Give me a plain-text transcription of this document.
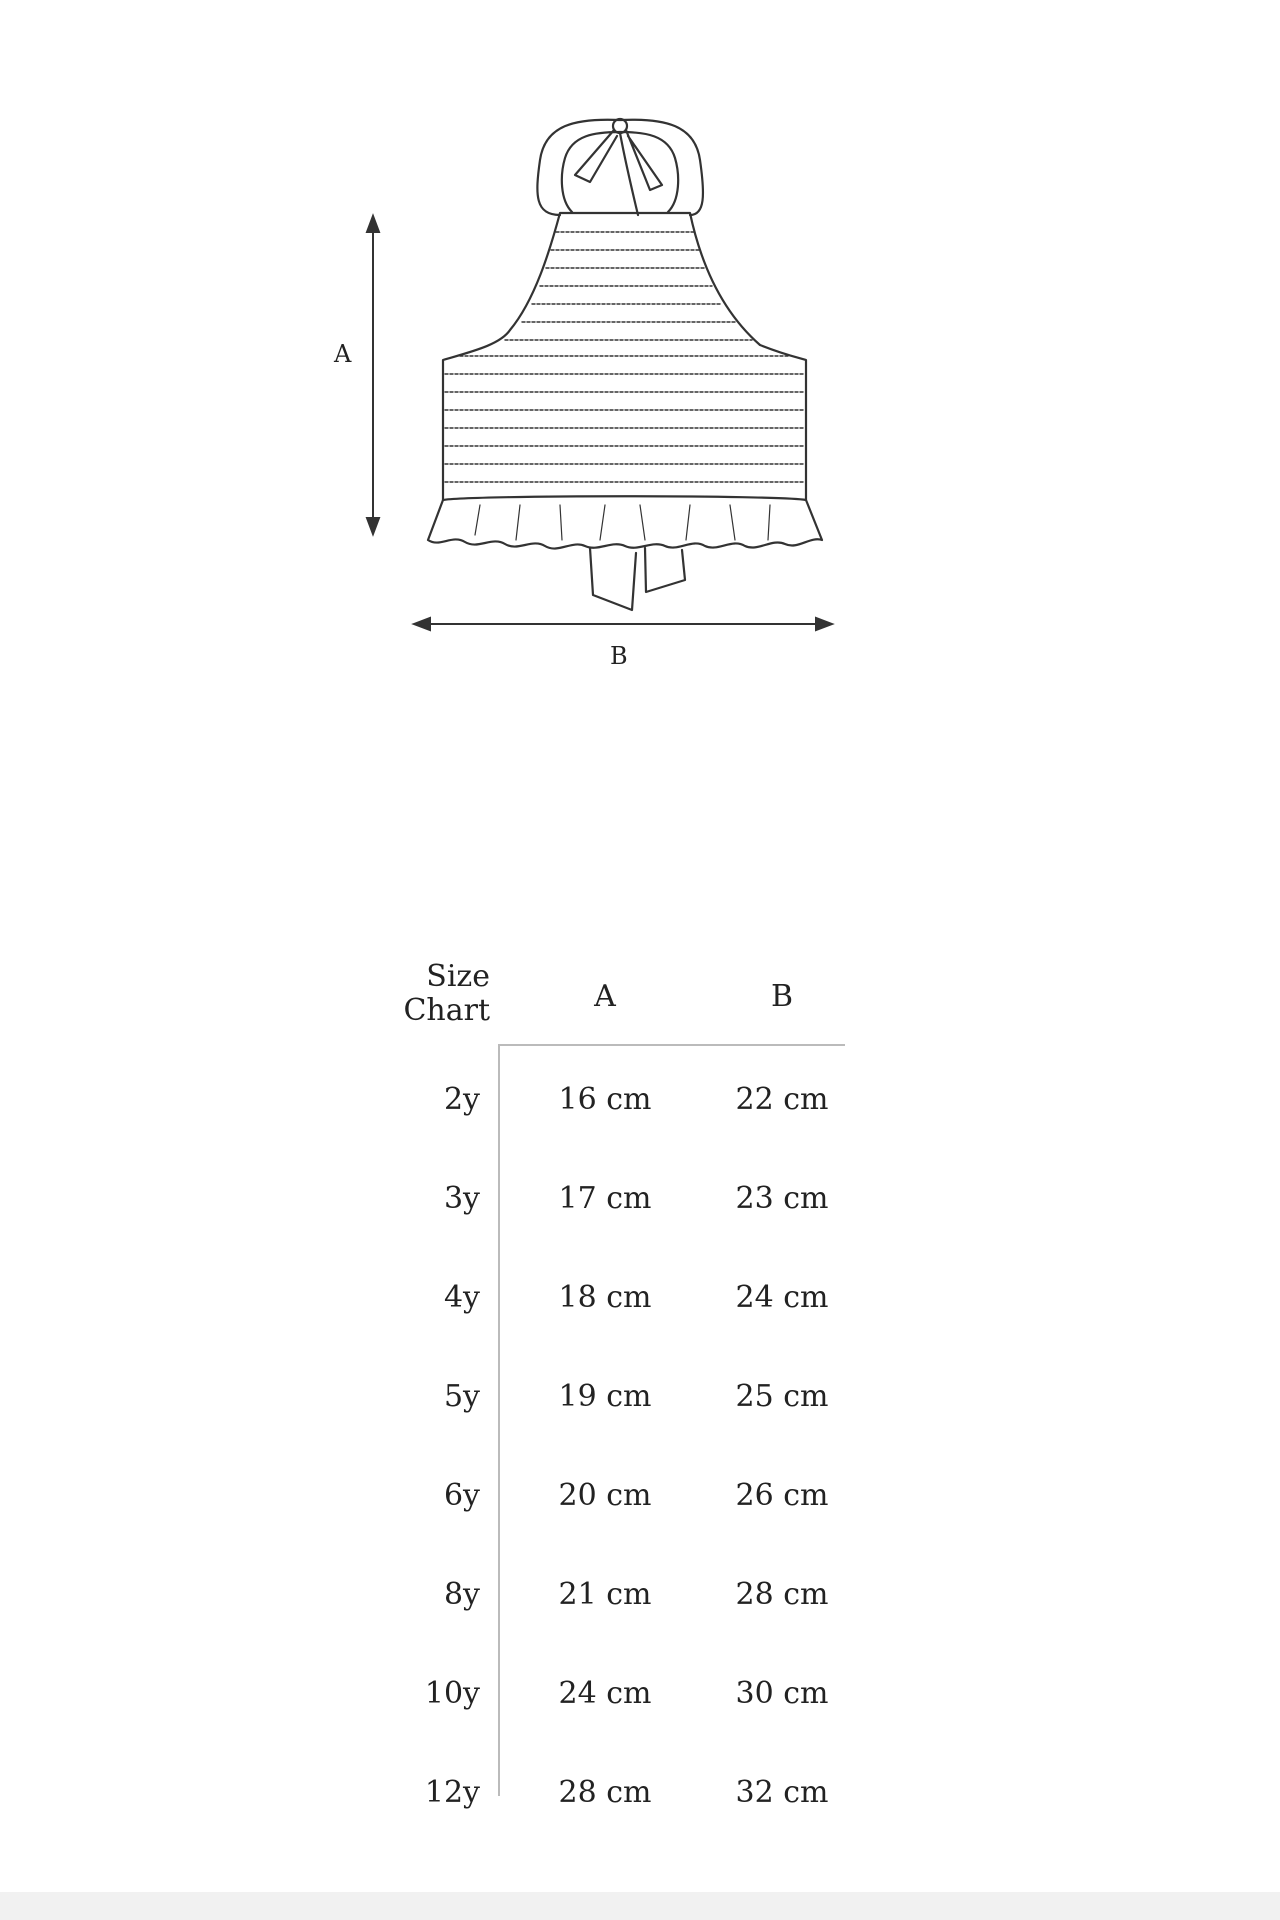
A
B
Size
Chart	A	B
2y	16 cm	22 cm
3y	17 cm	23 cm
4y	18 cm	24 cm
5y	19 cm	25 cm
6y	20 cm	26 cm
8y	21 cm	28 cm
10y	24 cm	30 cm
12y	28 cm	32 cm
